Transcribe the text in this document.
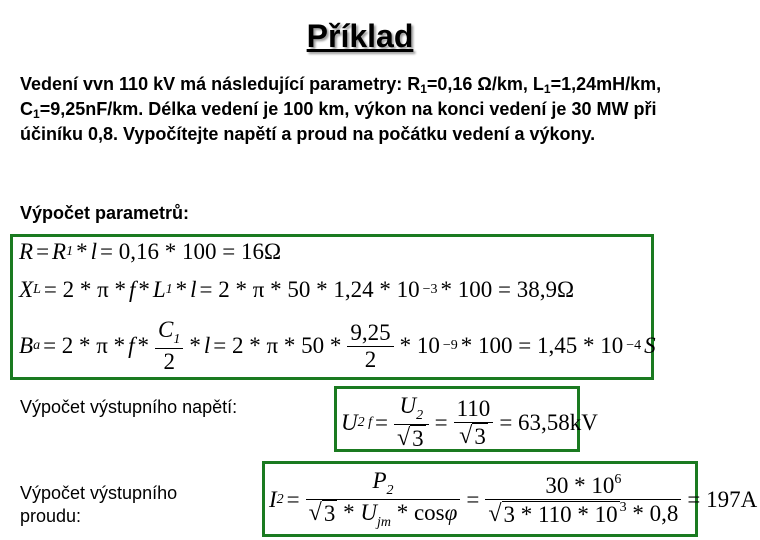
Příklad
Vedení vvn 110 kV má následující parametry: $R_1=0,16$ Ω/km, $L_1=1,24mH/km$, $C_1=9,25nF/km$. Délka vedení je 100 km, výkon na konci vedení je 30 MW při účiníku 0,8. Vypočítejte napětí a proud na počátku vedení a výkony.
Výpočet parametrů:
R = R 1 * l = 0,16 * 100 = 16Ω
X L = 2 * π * f * L 1 * l = 2 * π * 50 * 1,24 * 10 −3 * 100 = 38,9Ω
B $a = 2 * \pi * f * \frac{C_1}{2} * l = 2 * \pi * 50 * \frac{9,25}{2} * 10 -9 * 100 = 1,45 * 10 -4$ S
Výpočet výstupního napětí:
U 2 $f = \frac{U_2}{√ 3} = \frac{110}{√ 3} = 63,58kV$
Výpočet výstupního proudu:
I $2 = \frac{P_2}{√ 3 * U_{jm} * \cos\varphi} = \frac{30 * 10^6}{√ 3 * 110 * 10 ^3 * 0,8} = 197A$
